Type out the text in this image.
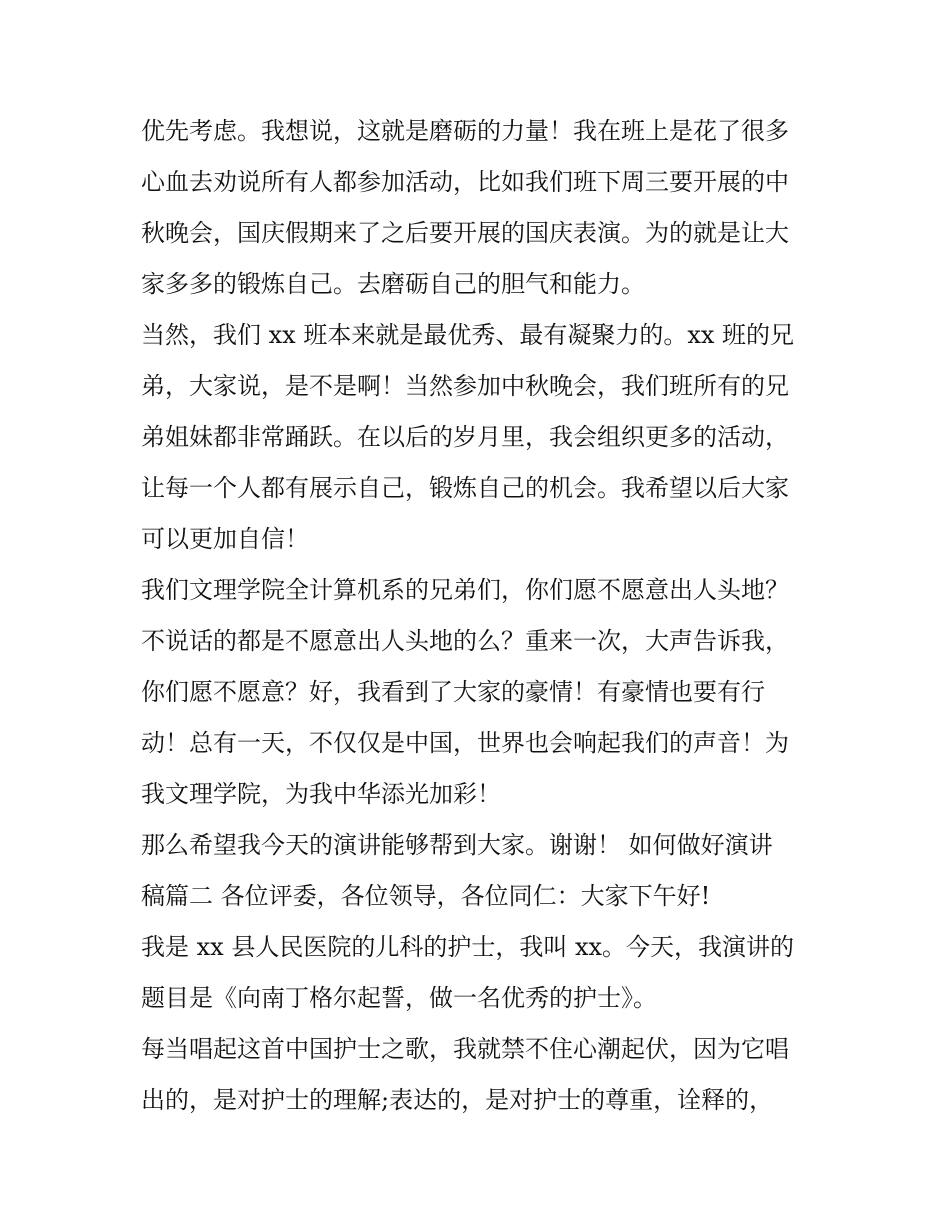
优先考虑。我想说，这就是磨砺的力量！我在班上是花了很多
心血去劝说所有人都参加活动，比如我们班下周三要开展的中
秋晚会，国庆假期来了之后要开展的国庆表演。为的就是让大
家多多的锻炼自己。去磨砺自己的胆气和能力。
当然，我们 xx 班本来就是最优秀、最有凝聚力的。xx 班的兄
弟，大家说，是不是啊！当然参加中秋晚会，我们班所有的兄
弟姐妹都非常踊跃。在以后的岁月里，我会组织更多的活动，
让每一个人都有展示自己，锻炼自己的机会。我希望以后大家
可以更加自信！
我们文理学院全计算机系的兄弟们，你们愿不愿意出人头地？
不说话的都是不愿意出人头地的么？重来一次，大声告诉我，
你们愿不愿意？好，我看到了大家的豪情！有豪情也要有行
动！总有一天，不仅仅是中国，世界也会响起我们的声音！为
我文理学院，为我中华添光加彩！
那么希望我今天的演讲能够帮到大家。谢谢！ 如何做好演讲
稿篇二 各位评委，各位领导，各位同仁：大家下午好!
我是 xx 县人民医院的儿科的护士，我叫 xx。今天，我演讲的
题目是《向南丁格尔起誓，做一名优秀的护士》。
每当唱起这首中国护士之歌，我就禁不住心潮起伏，因为它唱
出的，是对护士的理解;表达的，是对护士的尊重，诠释的，
